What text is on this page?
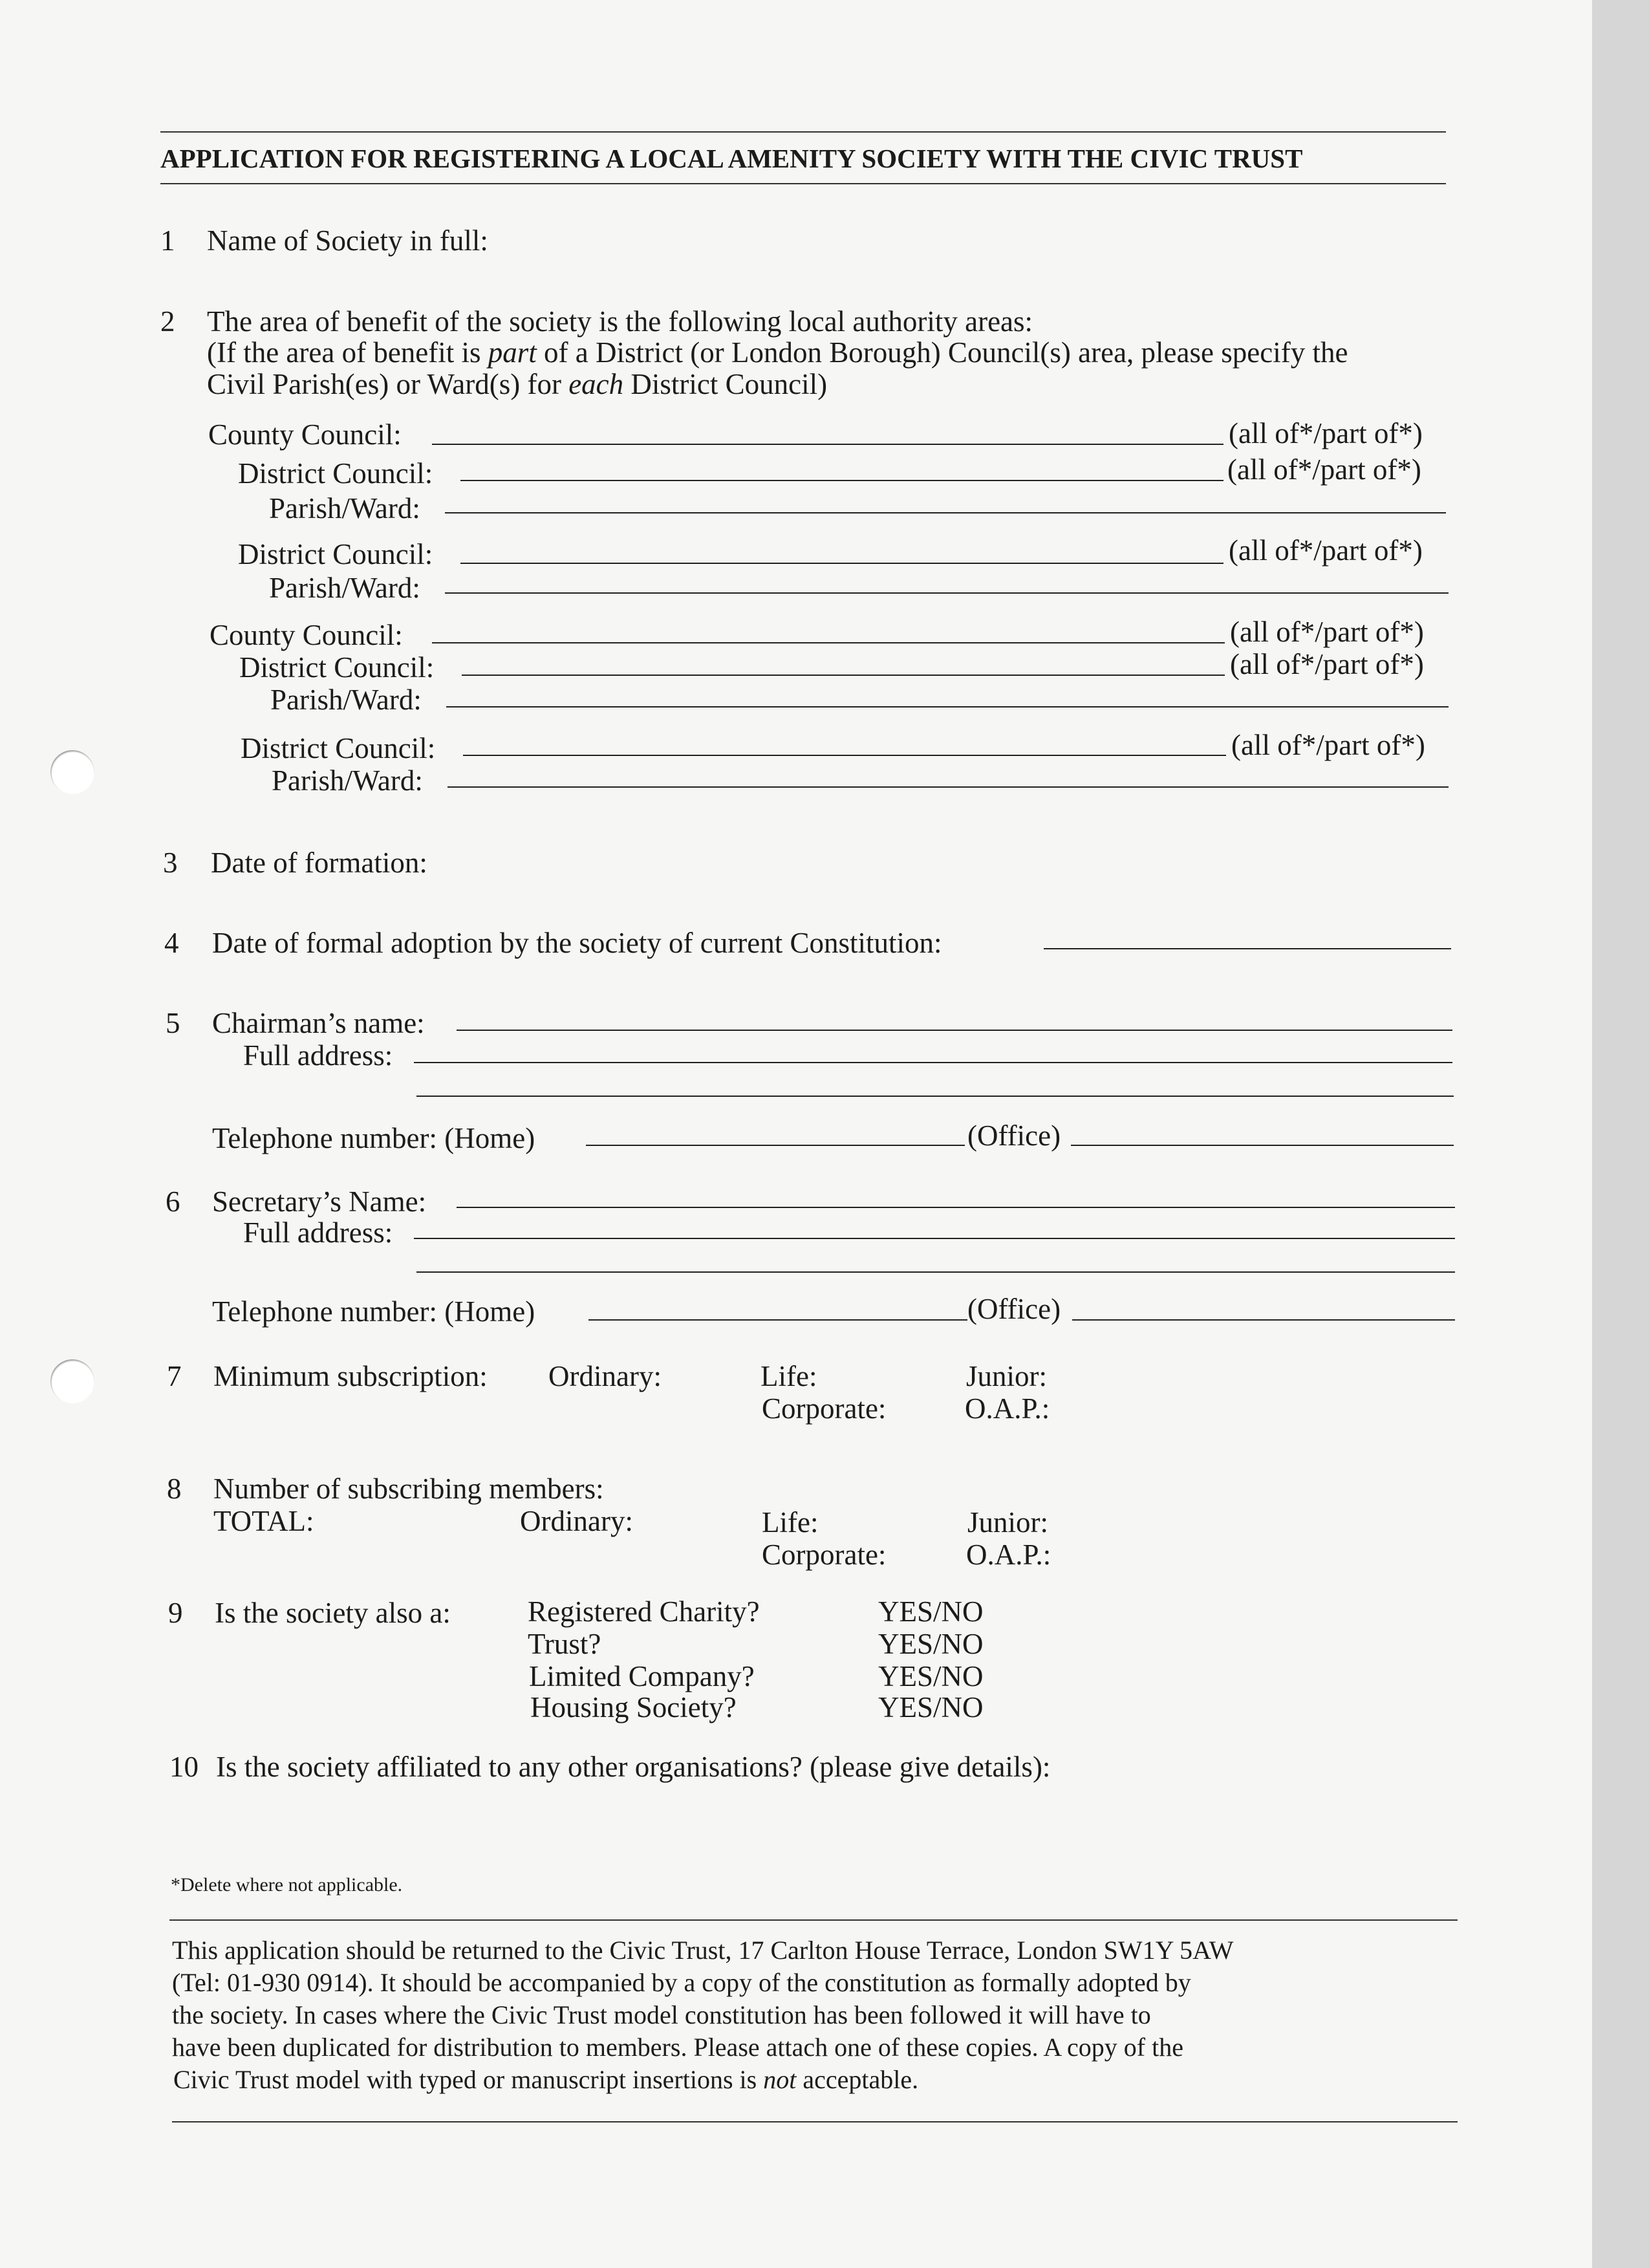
APPLICATION FOR REGISTERING A LOCAL AMENITY SOCIETY WITH THE CIVIC TRUST
1 Name of Society in full:
2 The area of benefit of the society is the following local authority areas:
(If the area of benefit is part of a District (or London Borough) Council(s) area, please specify the
Civil Parish(es) or Ward(s) for each District Council)
County Council:	(all of*/part of*)
District Council:	(all of*/part of*)
Parish/Ward:
District Council:	(all of*/part of*)
Parish/Ward:
County Council:	(all of*/part of*)
District Council:	(all of*/part of*)
Parish/Ward:
District Council:	(all of*/part of*)
Parish/Ward:
3 Date of formation:
4 Date of formal adoption by the society of current Constitution:
5 Chairman’s name:
Full address:
Telephone number: (Home)	(Office)
6 Secretary’s Name:
Full address:
Telephone number: (Home)	(Office)
7 Minimum subscription: Ordinary:	Life:	Junior:
Corporate:	O.A.P.:
8 Number of subscribing members:
TOTAL:	Ordinary:	Life:	Junior:
Corporate:	O.A.P.:
9 Is the society also a:	Registered Charity?	YES/NO
Trust?	YES/NO
Limited Company?	YES/NO
Housing Society?	YES/NO
10 Is the society affiliated to any other organisations? (please give details):
*Delete where not applicable.
This application should be returned to the Civic Trust, 17 Carlton House Terrace, London SW1Y 5AW
(Tel: 01-930 0914). It should be accompanied by a copy of the constitution as formally adopted by
the society. In cases where the Civic Trust model constitution has been followed it will have to
have been duplicated for distribution to members. Please attach one of these copies. A copy of the
Civic Trust model with typed or manuscript insertions is not acceptable.
